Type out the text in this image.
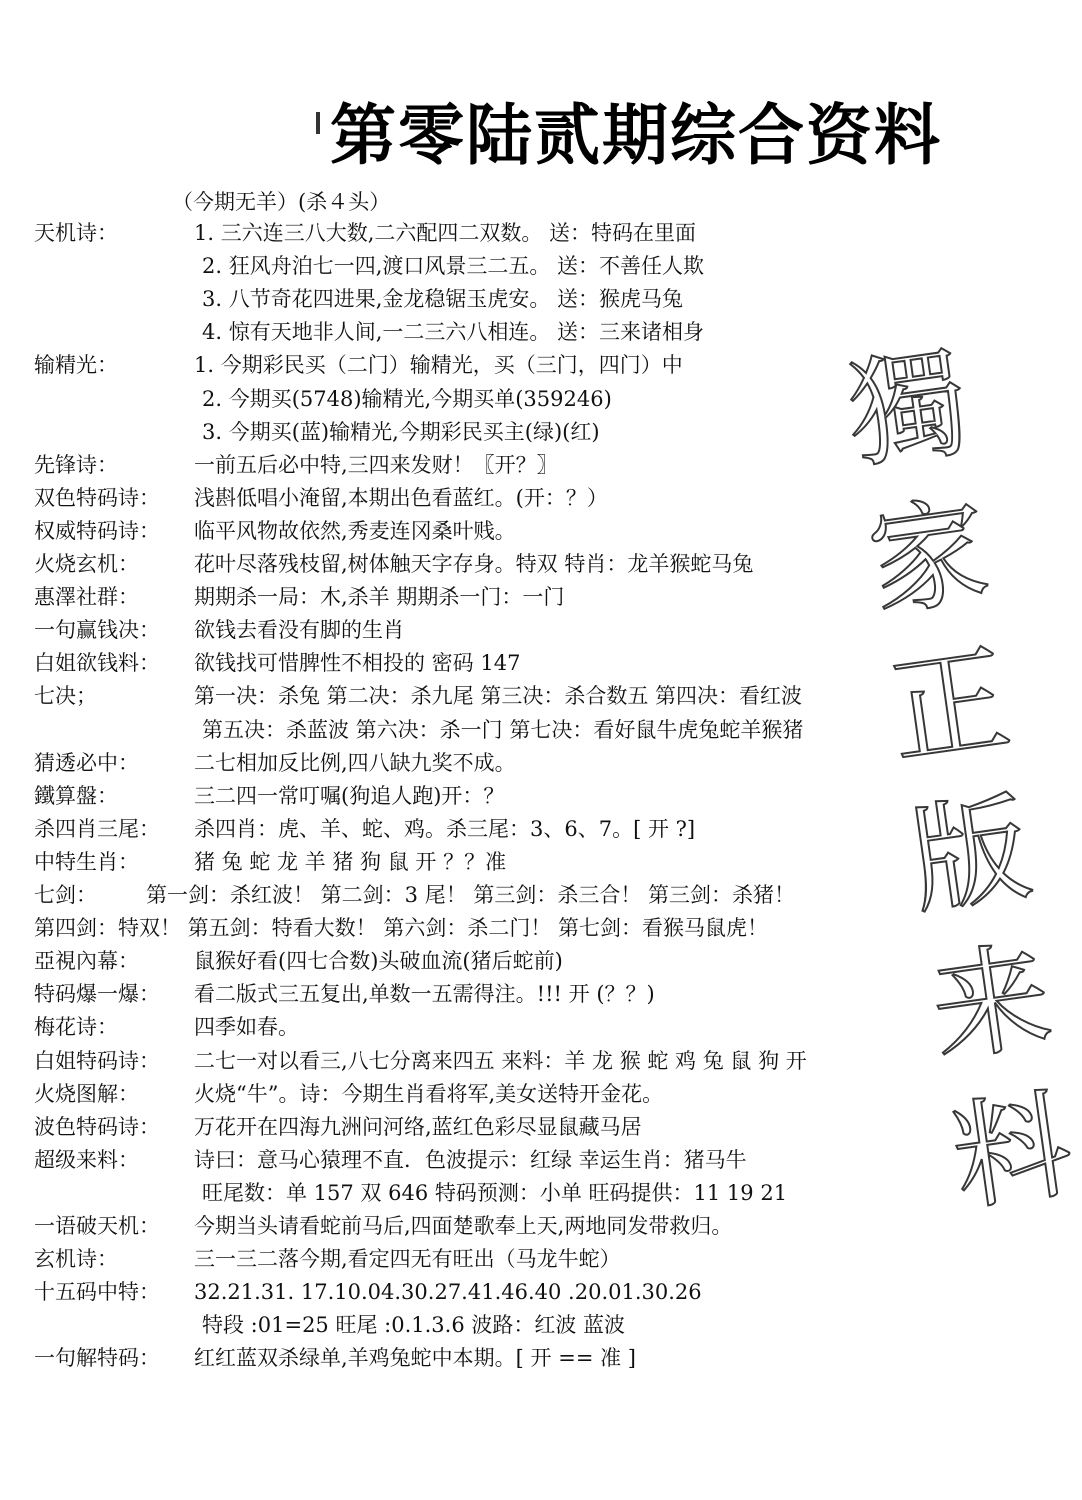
第零陆贰期综合资料
（今期无羊）(杀４头）
天机诗：	1. 三六连三八大数,二六配四二双数。 送：特码在里面
2. 狂风舟泊七一四,渡口风景三二五。 送：不善任人欺
3. 八节奇花四进果,金龙稳锯玉虎安。 送：猴虎马兔
4. 惊有天地非人间,一二三六八相连。 送：三来诸相身
输精光：	1. 今期彩民买（二门）输精光，买（三门，四门）中
2. 今期买(5748)输精光,今期买单(359246)
3. 今期买(蓝)输精光,今期彩民买主(绿)(红)
先锋诗：	一前五后必中特,三四来发财！〖开？〗
双色特码诗： 浅斟低唱小淹留,本期出色看蓝红。(开：？）
权威特码诗： 临平风物故依然,秀麦连冈桑叶贱。
火烧玄机：	花叶尽落残枝留,树体触天字存身。特双 特肖：龙羊猴蛇马兔
惠澤社群：	期期杀一局：木,杀羊 期期杀一门：一门
一句赢钱决： 欲钱去看没有脚的生肖
白姐欲钱料： 欲钱找可惜脾性不相投的 密码 147
七决；	第一决：杀兔 第二决：杀九尾 第三决：杀合数五 第四决：看红波
第五决：杀蓝波 第六决：杀一门 第七决：看好鼠牛虎兔蛇羊猴猪
猜透必中：	二七相加反比例,四八缺九奖不成。
鐵算盤：	三二四一常叮嘱(狗追人跑)开：？
杀四肖三尾： 杀四肖：虎、羊、蛇、鸡。杀三尾：3、6、7。[ 开 ?]
中特生肖：	猪 兔 蛇 龙 羊 猪 狗 鼠 开 ？？准
七剑： 第一剑：杀红波！ 第二剑：3 尾！ 第三剑：杀三合！ 第三剑：杀猪！
第四剑：特双！ 第五剑：特看大数！ 第六剑：杀二门！ 第七剑：看猴马鼠虎！
亞視內幕：	鼠猴好看(四七合数)头破血流(猪后蛇前)
特码爆一爆： 看二版式三五复出,单数一五需得注。!!! 开 (？？)
梅花诗：	四季如春。
白姐特码诗： 二七一对以看三,八七分离来四五 来料：羊 龙 猴 蛇 鸡 兔 鼠 狗 开
火烧图解：	火烧“牛”。诗：今期生肖看将军,美女送特开金花。
波色特码诗： 万花开在四海九洲问河络,蓝红色彩尽显鼠藏马居
超级来料：	诗曰：意马心猿理不直．色波提示：红绿 幸运生肖：猪马牛
旺尾数：单 157 双 646 特码预测：小单 旺码提供：11 19 21
一语破天机： 今期当头请看蛇前马后,四面楚歌奉上天,两地同发带救归。
玄机诗：	三一三二落今期,看定四无有旺出（马龙牛蛇）
十五码中特： 32.21.31. 17.10.04.30.27.41.46.40 .20.01.30.26
特段 :01=25 旺尾 :0.1.3.6 波路：红波 蓝波
一句解特码： 红红蓝双杀绿单,羊鸡兔蛇中本期。[ 开 == 准 ]
獨
家
正
版
来
料
